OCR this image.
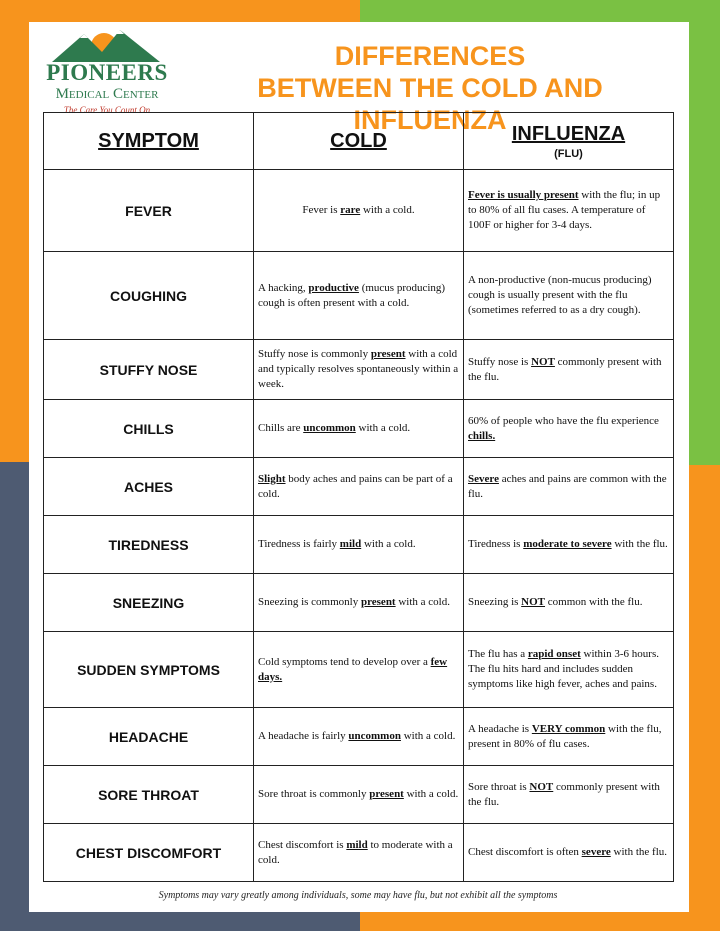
PIONEERS
Medical Center
The Care You Count On
DIFFERENCES
BETWEEN THE COLD AND INFLUENZA
SYMPTOM	COLD	INFLUENZA
(FLU)

FEVER	Fever is rare with a cold.	Fever is usually present with the flu; in up to 80% of all flu cases. A temperature of 100F or higher for 3-4 days.
COUGHING	A hacking, productive (mucus producing) cough is often present with a cold.	A non-productive (non-mucus producing) cough is usually present with the flu (sometimes referred to as a dry cough).
STUFFY NOSE	Stuffy nose is commonly present with a cold and typically resolves spontaneously within a week.	Stuffy nose is NOT commonly present with the flu.
CHILLS	Chills are uncommon with a cold.	60% of people who have the flu experience chills.
ACHES	Slight body aches and pains can be part of a cold.	Severe aches and pains are common with the flu.
TIREDNESS	Tiredness is fairly mild with a cold.	Tiredness is moderate to severe with the flu.
SNEEZING	Sneezing is commonly present with a cold.	Sneezing is NOT common with the flu.
SUDDEN SYMPTOMS	Cold symptoms tend to develop over a few days.	The flu has a rapid onset within 3-6 hours. The flu hits hard and includes sudden symptoms like high fever, aches and pains.
HEADACHE	A headache is fairly uncommon with a cold.	A headache is VERY common with the flu, present in 80% of flu cases.
SORE THROAT	Sore throat is commonly present with a cold.	Sore throat is NOT commonly present with the flu.
CHEST DISCOMFORT	Chest discomfort is mild to moderate with a cold.	Chest discomfort is often severe with the flu.
Symptoms may vary greatly among individuals, some may have flu, but not exhibit all the symptoms
